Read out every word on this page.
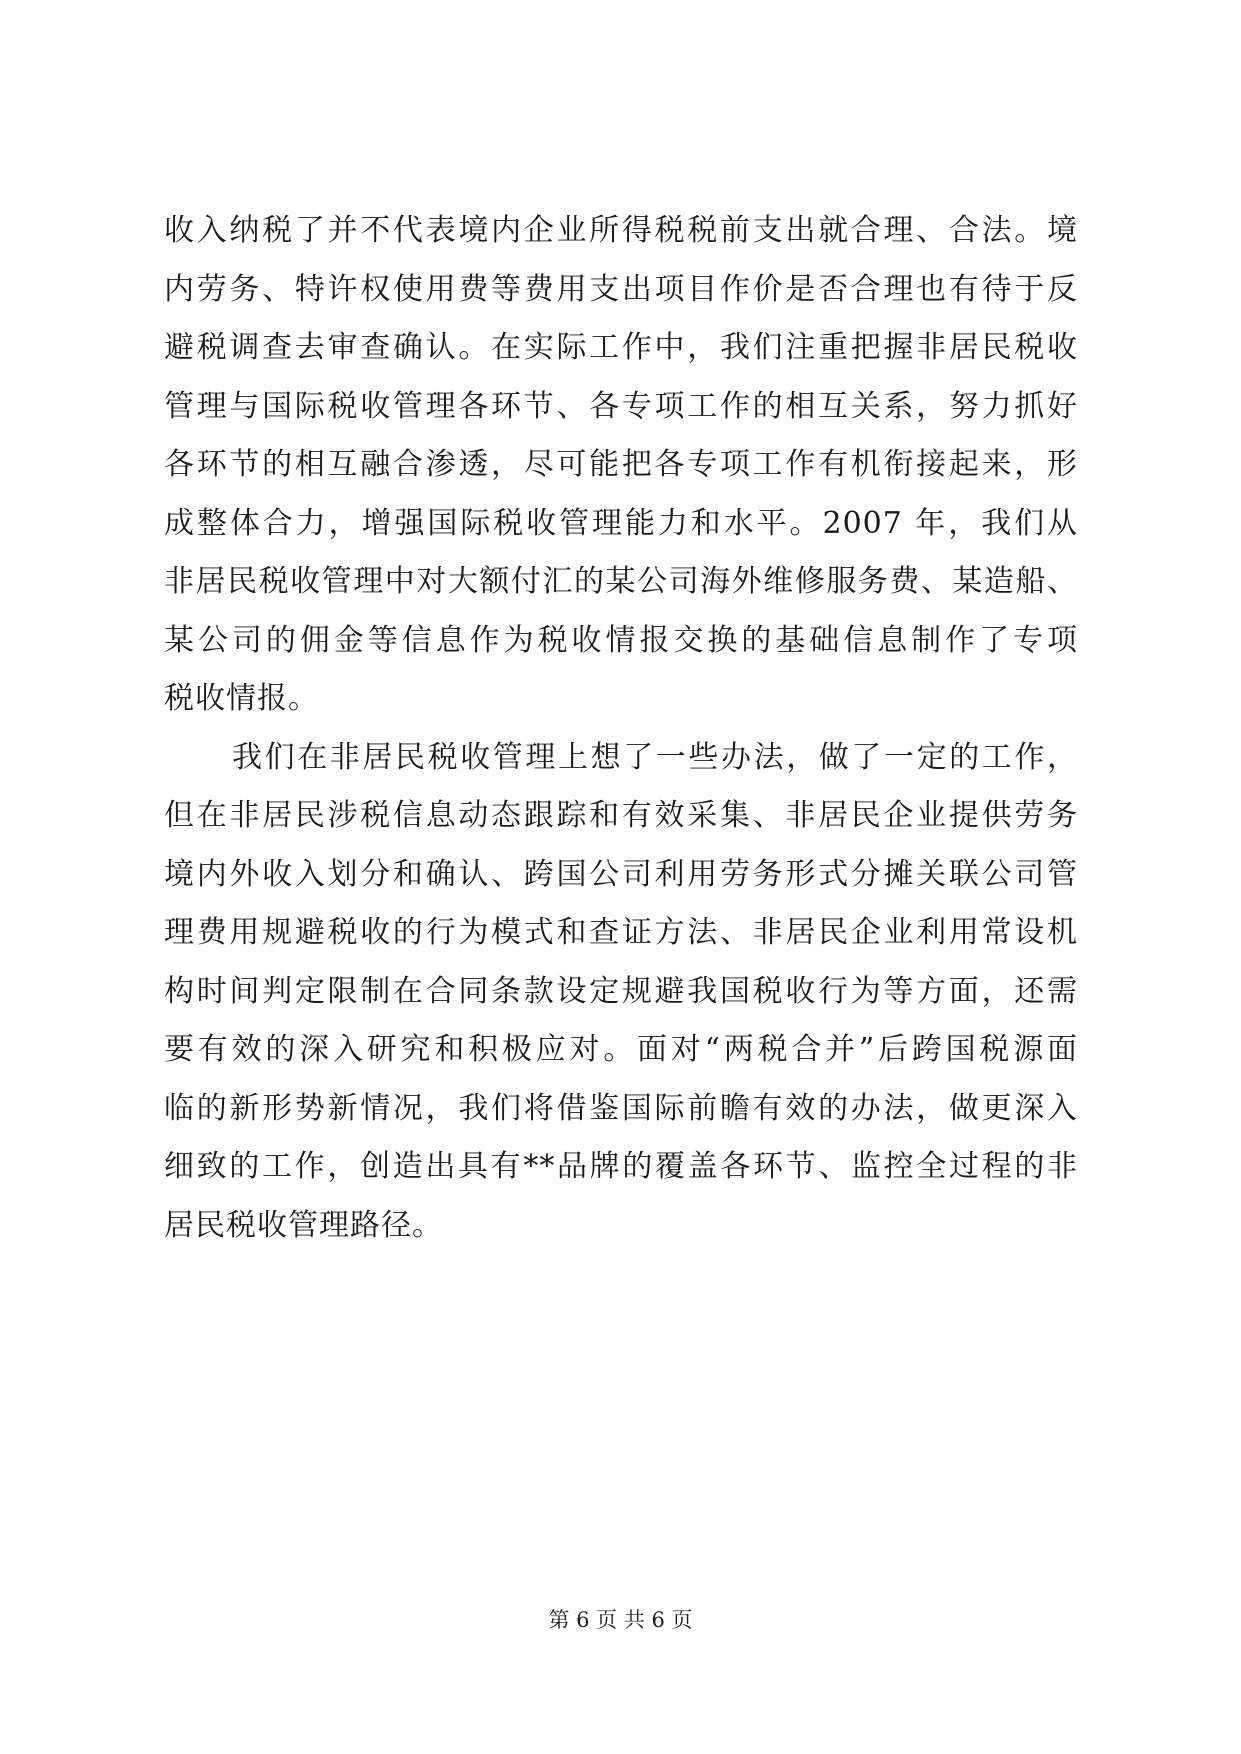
收入纳税了并不代表境内企业所得税税前支出就合理、合法。境
内劳务、特许权使用费等费用支出项目作价是否合理也有待于反
避税调查去审查确认。在实际工作中，我们注重把握非居民税收
管理与国际税收管理各环节、各专项工作的相互关系，努力抓好
各环节的相互融合渗透，尽可能把各专项工作有机衔接起来，形
成整体合力，增强国际税收管理能力和水平。2007 年，我们从
非居民税收管理中对大额付汇的某公司海外维修服务费、某造船、
某公司的佣金等信息作为税收情报交换的基础信息制作了专项
税收情报。
我们在非居民税收管理上想了一些办法，做了一定的工作，
但在非居民涉税信息动态跟踪和有效采集、非居民企业提供劳务
境内外收入划分和确认、跨国公司利用劳务形式分摊关联公司管
理费用规避税收的行为模式和查证方法、非居民企业利用常设机
构时间判定限制在合同条款设定规避我国税收行为等方面，还需
要有效的深入研究和积极应对。面对“两税合并”后跨国税源面
临的新形势新情况，我们将借鉴国际前瞻有效的办法，做更深入
细致的工作，创造出具有**品牌的覆盖各环节、监控全过程的非
居民税收管理路径。
第 6 页 共 6 页
